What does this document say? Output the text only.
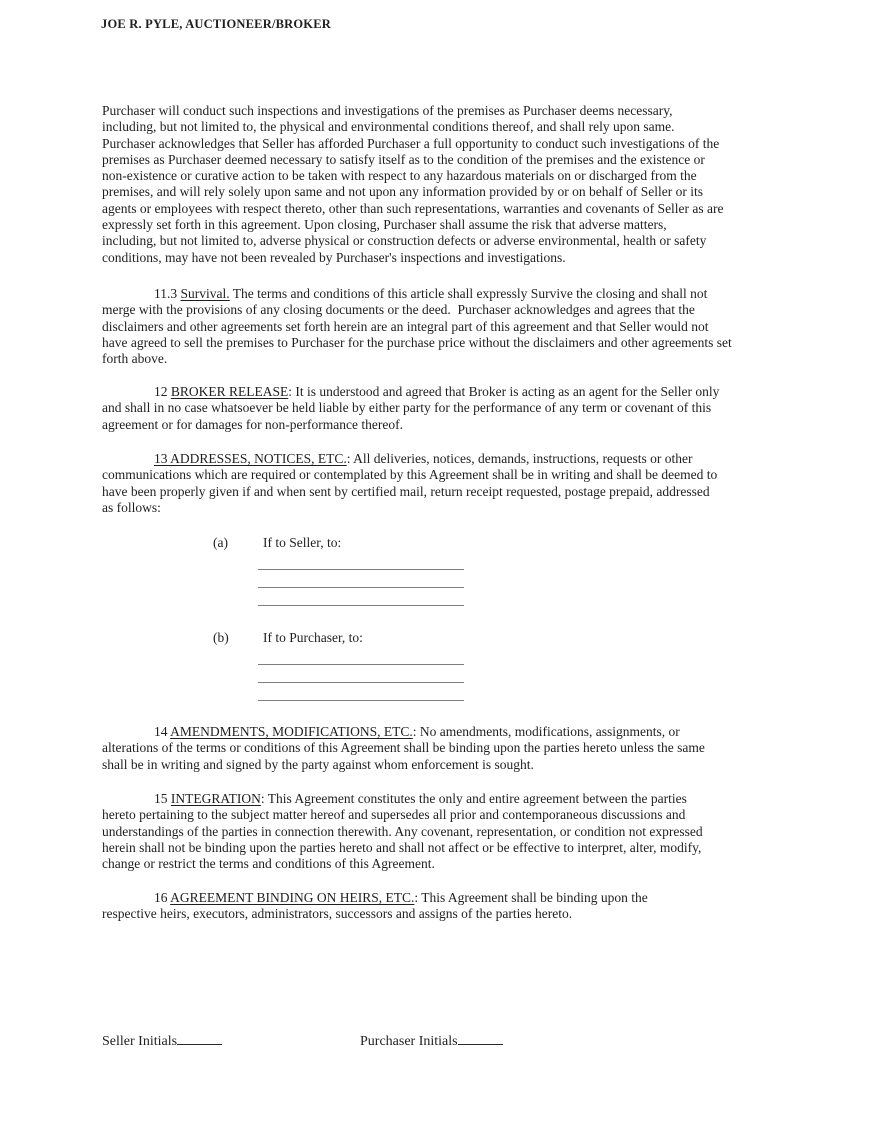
JOE R. PYLE, AUCTIONEER/BROKER
Purchaser will conduct such inspections and investigations of the premises as Purchaser deems necessary,
including, but not limited to, the physical and environmental conditions thereof, and shall rely upon same.
Purchaser acknowledges that Seller has afforded Purchaser a full opportunity to conduct such investigations of the
premises as Purchaser deemed necessary to satisfy itself as to the condition of the premises and the existence or
non-existence or curative action to be taken with respect to any hazardous materials on or discharged from the
premises, and will rely solely upon same and not upon any information provided by or on behalf of Seller or its
agents or employees with respect thereto, other than such representations, warranties and covenants of Seller as are
expressly set forth in this agreement. Upon closing, Purchaser shall assume the risk that adverse matters,
including, but not limited to, adverse physical or construction defects or adverse environmental, health or safety
conditions, may have not been revealed by Purchaser's inspections and investigations.
11.3 Survival. The terms and conditions of this article shall expressly Survive the closing and shall not
merge with the provisions of any closing documents or the deed.  Purchaser acknowledges and agrees that the
disclaimers and other agreements set forth herein are an integral part of this agreement and that Seller would not
have agreed to sell the premises to Purchaser for the purchase price without the disclaimers and other agreements set
forth above.
12 BROKER RELEASE: It is understood and agreed that Broker is acting as an agent for the Seller only
and shall in no case whatsoever be held liable by either party for the performance of any term or covenant of this
agreement or for damages for non-performance thereof.
13 ADDRESSES, NOTICES, ETC.: All deliveries, notices, demands, instructions, requests or other
communications which are required or contemplated by this Agreement shall be in writing and shall be deemed to
have been properly given if and when sent by certified mail, return receipt requested, postage prepaid, addressed
as follows:
(a)	If to Seller, to:
(b)	If to Purchaser, to:
14 AMENDMENTS, MODIFICATIONS, ETC.: No amendments, modifications, assignments, or
alterations of the terms or conditions of this Agreement shall be binding upon the parties hereto unless the same
shall be in writing and signed by the party against whom enforcement is sought.
15 INTEGRATION: This Agreement constitutes the only and entire agreement between the parties
hereto pertaining to the subject matter hereof and supersedes all prior and contemporaneous discussions and
understandings of the parties in connection therewith. Any covenant, representation, or condition not expressed
herein shall not be binding upon the parties hereto and shall not affect or be effective to interpret, alter, modify,
change or restrict the terms and conditions of this Agreement.
16 AGREEMENT BINDING ON HEIRS, ETC.: This Agreement shall be binding upon the
respective heirs, executors, administrators, successors and assigns of the parties hereto.
Seller Initials	Purchaser Initials
